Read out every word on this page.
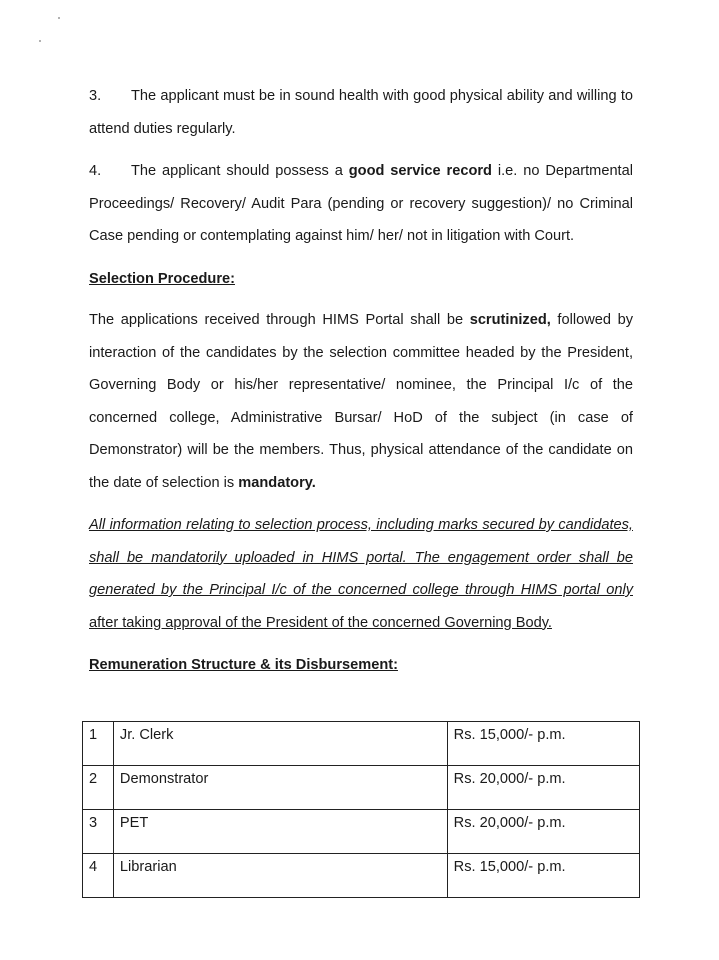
3. The applicant must be in sound health with good physical ability and willing to attend duties regularly.

4. The applicant should possess a good service record i.e. no Departmental Proceedings/ Recovery/ Audit Para (pending or recovery suggestion)/ no Criminal Case pending or contemplating against him/ her/ not in litigation with Court.

Selection Procedure:

The applications received through HIMS Portal shall be scrutinized, followed by interaction of the candidates by the selection committee headed by the President, Governing Body or his/her representative/ nominee, the Principal I/c of the concerned college, Administrative Bursar/ HoD of the subject (in case of Demonstrator) will be the members. Thus, physical attendance of the candidate on the date of selection is mandatory.

All information relating to selection process, including marks secured by candidates, shall be mandatorily uploaded in HIMS portal. The engagement order shall be generated by the Principal I/c of the concerned college through HIMS portal only after taking approval of the President of the concerned Governing Body.

Remuneration Structure & its Disbursement:

1	Jr. Clerk	Rs. 15,000/- p.m.
2	Demonstrator	Rs. 20,000/- p.m.
3	PET	Rs. 20,000/- p.m.
4	Librarian	Rs. 15,000/- p.m.
